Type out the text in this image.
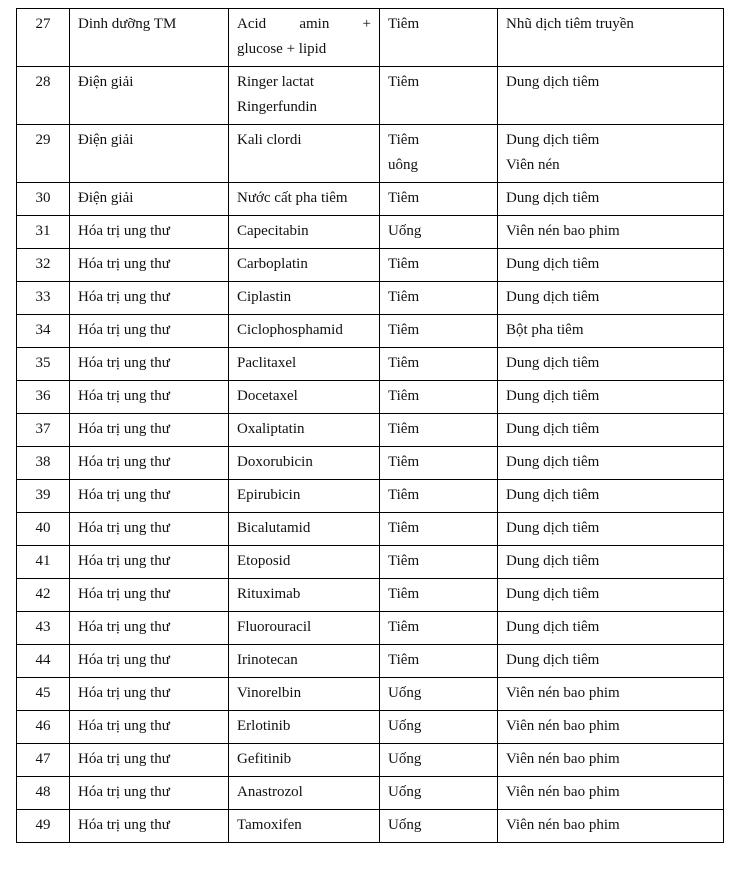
27	Dinh dưỡng TM	Acid amin +
glucose + lipid	Tiêm	Nhũ dịch tiêm truyền

28	Điện giải	Ringer lactat
Ringerfundin	Tiêm	Dung dịch tiêm

29	Điện giải	Kali clordi	Tiêm
uông	Dung dịch tiêm
Viên nén

30	Điện giải	Nước cất pha tiêm	Tiêm	Dung dịch tiêm

31	Hóa trị ung thư	Capecitabin	Uống	Viên nén bao phim

32	Hóa trị ung thư	Carboplatin	Tiêm	Dung dịch tiêm

33	Hóa trị ung thư	Ciplastin	Tiêm	Dung dịch tiêm

34	Hóa trị ung thư	Ciclophosphamid	Tiêm	Bột pha tiêm

35	Hóa trị ung thư	Paclitaxel	Tiêm	Dung dịch tiêm

36	Hóa trị ung thư	Docetaxel	Tiêm	Dung dịch tiêm

37	Hóa trị ung thư	Oxaliptatin	Tiêm	Dung dịch tiêm

38	Hóa trị ung thư	Doxorubicin	Tiêm	Dung dịch tiêm

39	Hóa trị ung thư	Epirubicin	Tiêm	Dung dịch tiêm

40	Hóa trị ung thư	Bicalutamid	Tiêm	Dung dịch tiêm

41	Hóa trị ung thư	Etoposid	Tiêm	Dung dịch tiêm

42	Hóa trị ung thư	Rituximab	Tiêm	Dung dịch tiêm

43	Hóa trị ung thư	Fluorouracil	Tiêm	Dung dịch tiêm

44	Hóa trị ung thư	Irinotecan	Tiêm	Dung dịch tiêm

45	Hóa trị ung thư	Vinorelbin	Uống	Viên nén bao phim

46	Hóa trị ung thư	Erlotinib	Uống	Viên nén bao phim

47	Hóa trị ung thư	Gefitinib	Uống	Viên nén bao phim

48	Hóa trị ung thư	Anastrozol	Uống	Viên nén bao phim

49	Hóa trị ung thư	Tamoxifen	Uống	Viên nén bao phim
